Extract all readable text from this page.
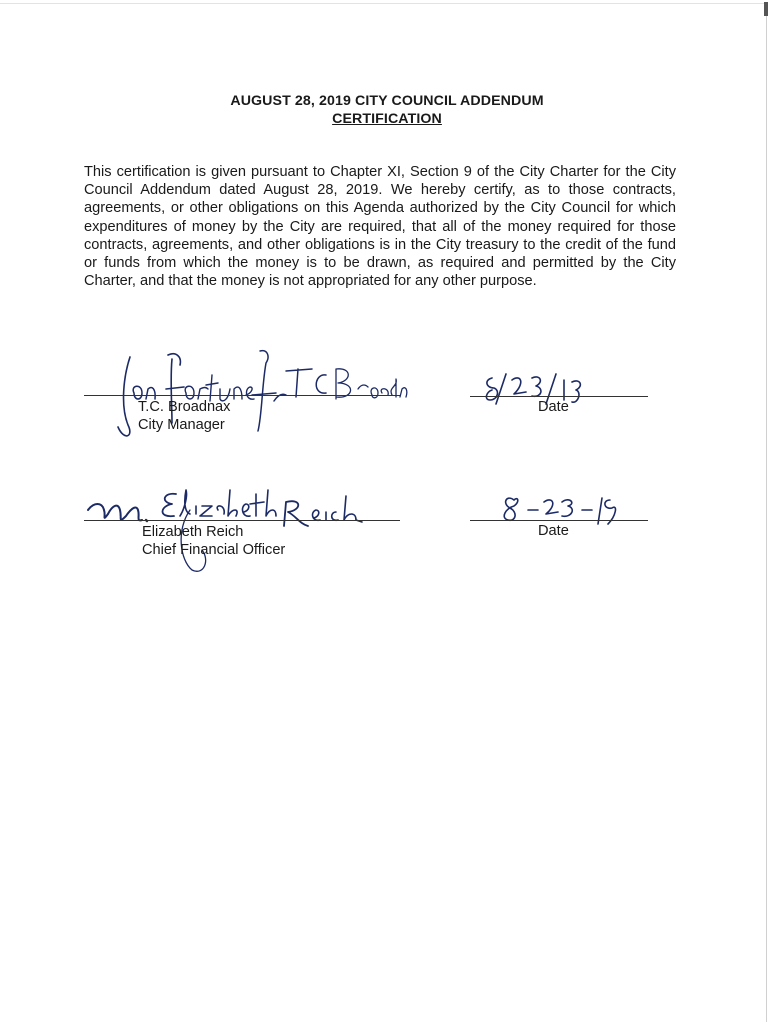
AUGUST 28, 2019 CITY COUNCIL ADDENDUM
CERTIFICATION
This certification is given pursuant to Chapter XI, Section 9 of the City Charter for the City Council Addendum dated August 28, 2019. We hereby certify, as to those contracts, agreements, or other obligations on this Agenda authorized by the City Council for which expenditures of money by the City are required, that all of the money required for those contracts, agreements, and other obligations is in the City treasury to the credit of the fund or funds from which the money is to be drawn, as required and permitted by the City Charter, and that the money is not appropriated for any other purpose.
T.C. Broadnax
City Manager
Date
Elizabeth Reich
Chief Financial Officer
Date
